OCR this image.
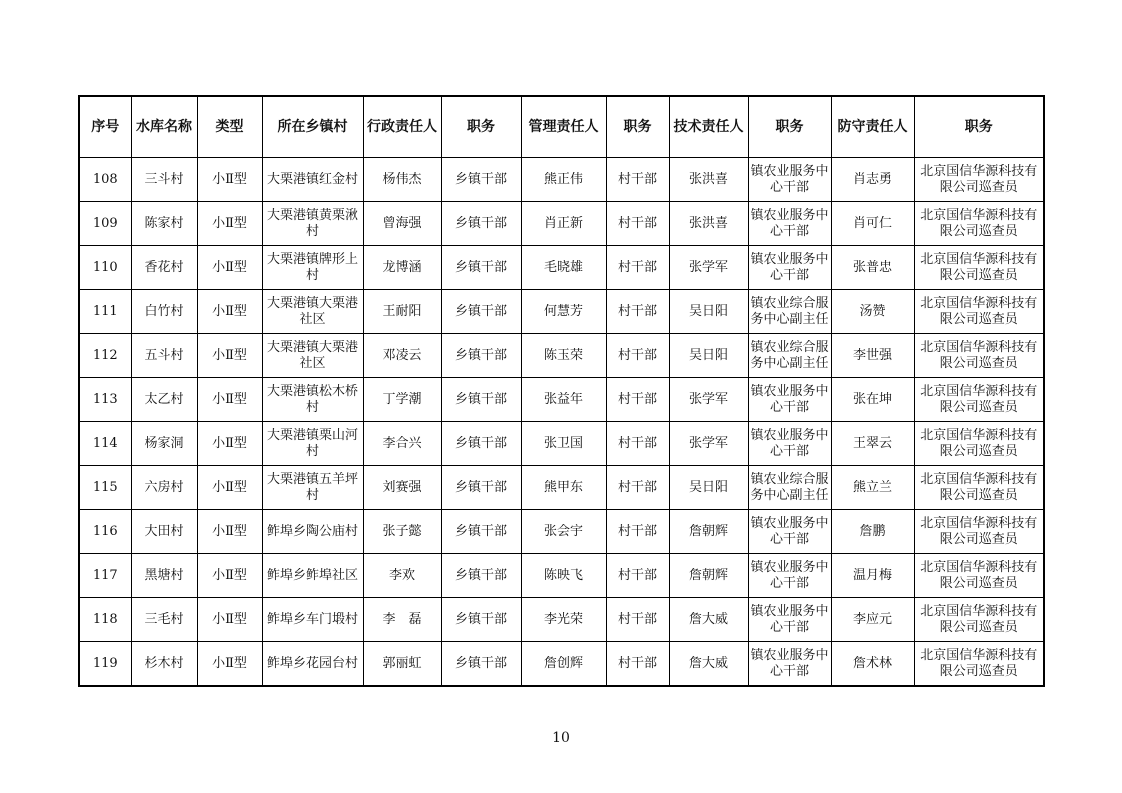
序号	水库名称	类型	所在乡镇村	行政责任人	职务	管理责任人	职务	技术责任人	职务	防守责任人	职务

108	三斗村	小Ⅱ型	大栗港镇红金村	杨伟杰	乡镇干部	熊正伟	村干部	张洪喜	镇农业服务中心干部	肖志勇	北京国信华源科技有限公司巡查员

109	陈家村	小Ⅱ型	大栗港镇黄栗湫村	曾海强	乡镇干部	肖正新	村干部	张洪喜	镇农业服务中心干部	肖可仁	北京国信华源科技有限公司巡查员

110	香花村	小Ⅱ型	大栗港镇牌形上村	龙博涵	乡镇干部	毛晓雄	村干部	张学军	镇农业服务中心干部	张普忠	北京国信华源科技有限公司巡查员

111	白竹村	小Ⅱ型	大栗港镇大栗港社区	王耐阳	乡镇干部	何慧芳	村干部	吴日阳	镇农业综合服务中心副主任	汤赞	北京国信华源科技有限公司巡查员

112	五斗村	小Ⅱ型	大栗港镇大栗港社区	邓凌云	乡镇干部	陈玉荣	村干部	吴日阳	镇农业综合服务中心副主任	李世强	北京国信华源科技有限公司巡查员

113	太乙村	小Ⅱ型	大栗港镇松木桥村	丁学潮	乡镇干部	张益年	村干部	张学军	镇农业服务中心干部	张在坤	北京国信华源科技有限公司巡查员

114	杨家洞	小Ⅱ型	大栗港镇栗山河村	李合兴	乡镇干部	张卫国	村干部	张学军	镇农业服务中心干部	王翠云	北京国信华源科技有限公司巡查员

115	六房村	小Ⅱ型	大栗港镇五羊坪村	刘赛强	乡镇干部	熊甲东	村干部	吴日阳	镇农业综合服务中心副主任	熊立兰	北京国信华源科技有限公司巡查员

116	大田村	小Ⅱ型	鲊埠乡陶公庙村	张子懿	乡镇干部	张会宇	村干部	詹朝辉	镇农业服务中心干部	詹鹏	北京国信华源科技有限公司巡查员

117	黑塘村	小Ⅱ型	鲊埠乡鲊埠社区	李欢	乡镇干部	陈映飞	村干部	詹朝辉	镇农业服务中心干部	温月梅	北京国信华源科技有限公司巡查员

118	三毛村	小Ⅱ型	鲊埠乡车门塅村	李　磊	乡镇干部	李光荣	村干部	詹大威	镇农业服务中心干部	李应元	北京国信华源科技有限公司巡查员

119	杉木村	小Ⅱ型	鲊埠乡花园台村	郭丽虹	乡镇干部	詹创辉	村干部	詹大威	镇农业服务中心干部	詹术林	北京国信华源科技有限公司巡查员
10
